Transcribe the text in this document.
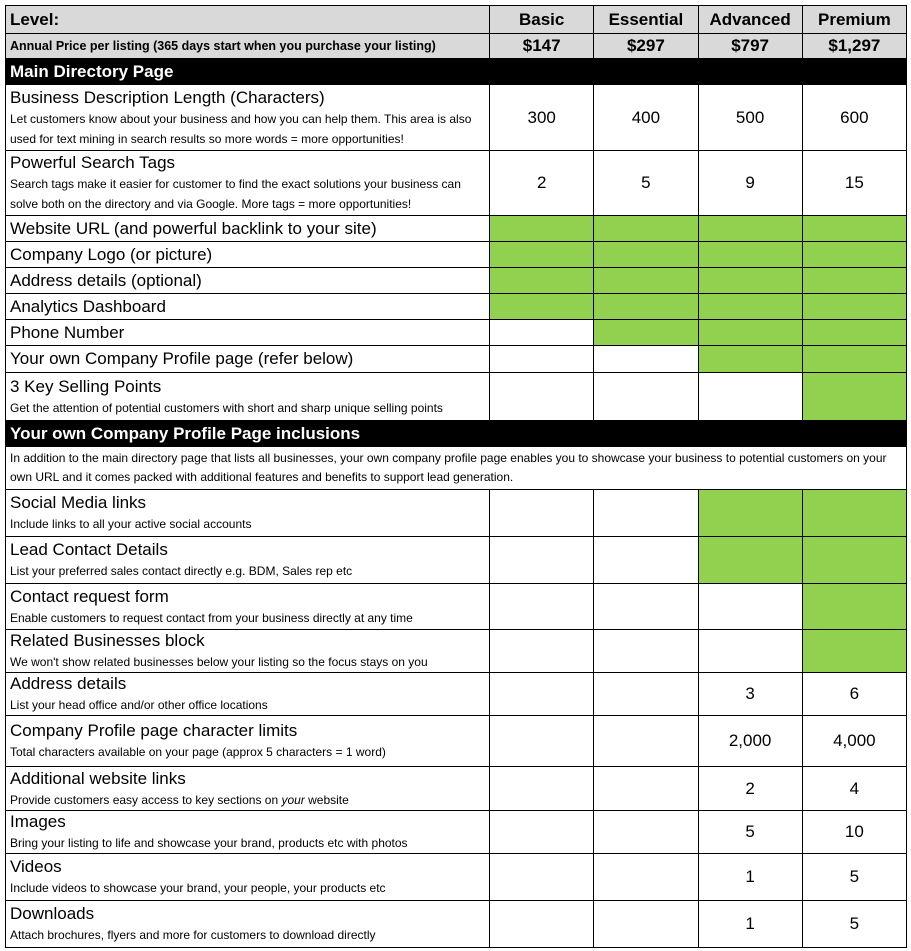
Level:	Basic	Essential	Advanced	Premium
Annual Price per listing (365 days start when you purchase your listing)	$147	$297	$797	$1,297
Main Directory Page				

Business Description Length (Characters)
Let customers know about your business and how you can help them. This area is also used for text mining in search results so more words = more opportunities!	300	400	500	600

Powerful Search Tags
Search tags make it easier for customer to find the exact solutions your business can solve both on the directory and via Google. More tags = more opportunities!	2	5	9	15

Website URL (and powerful backlink to your site)				

Company Logo (or picture)				

Address details (optional)				

Analytics Dashboard				

Phone Number				

Your own Company Profile page (refer below)				

3 Key Selling Points
Get the attention of potential customers with short and sharp unique selling points				

Your own Company Profile Page inclusions				
In addition to the main directory page that lists all businesses, your own company profile page enables you to showcase your business to potential customers on your own URL and it comes packed with additional features and benefits to support lead generation.				

Social Media links
Include links to all your active social accounts				

Lead Contact Details
List your preferred sales contact directly e.g. BDM, Sales rep etc				

Contact request form
Enable customers to request contact from your business directly at any time				

Related Businesses block
We won't show related businesses below your listing so the focus stays on you				

Address details
List your head office and/or other office locations			3	6

Company Profile page character limits
Total characters available on your page (approx 5 characters = 1 word)			2,000	4,000

Additional website links
Provide customers easy access to key sections on your website			2	4

Images
Bring your listing to life and showcase your brand, products etc with photos			5	10

Videos
Include videos to showcase your brand, your people, your products etc			1	5

Downloads
Attach brochures, flyers and more for customers to download directly			1	5
